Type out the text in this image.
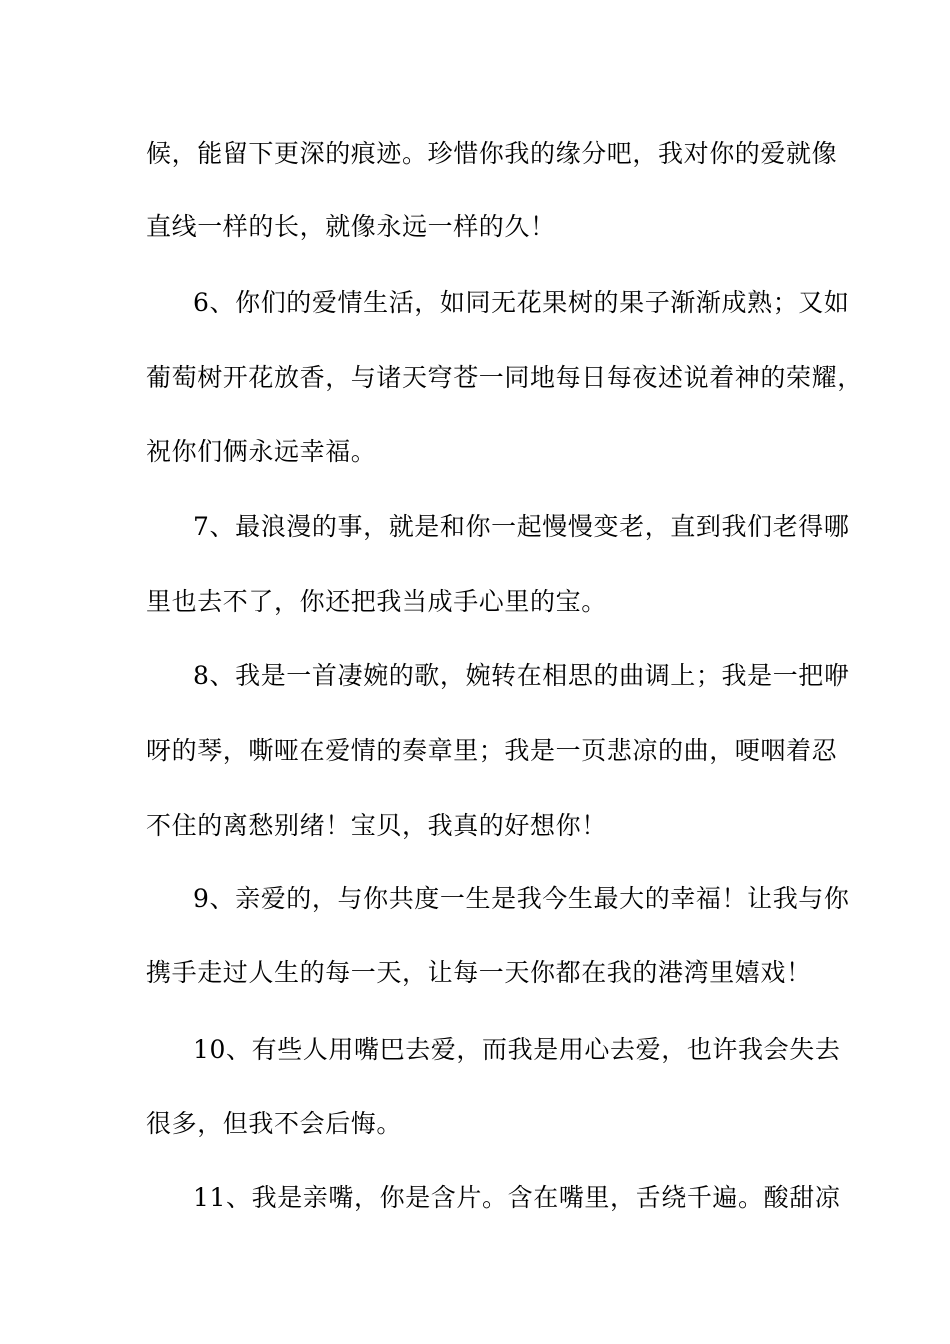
候，能留下更深的痕迹。珍惜你我的缘分吧，我对你的爱就像

直线一样的长，就像永远一样的久！

6、你们的爱情生活，如同无花果树的果子渐渐成熟；又如

葡萄树开花放香，与诸天穹苍一同地每日每夜述说着神的荣耀，

祝你们俩永远幸福。

7、最浪漫的事，就是和你一起慢慢变老，直到我们老得哪

里也去不了，你还把我当成手心里的宝。

8、我是一首凄婉的歌，婉转在相思的曲调上；我是一把咿

呀的琴，嘶哑在爱情的奏章里；我是一页悲凉的曲，哽咽着忍

不住的离愁别绪！宝贝，我真的好想你！

9、亲爱的，与你共度一生是我今生最大的幸福！让我与你

携手走过人生的每一天，让每一天你都在我的港湾里嬉戏！

10、有些人用嘴巴去爱，而我是用心去爱，也许我会失去

很多，但我不会后悔。

11、我是亲嘴，你是含片。含在嘴里，舌绕千遍。酸甜凉
